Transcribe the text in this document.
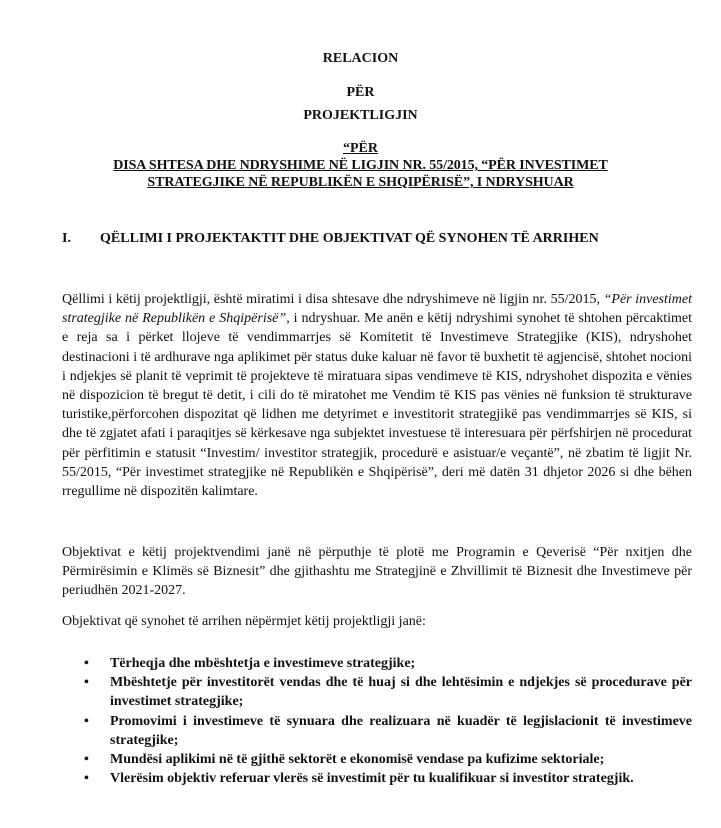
RELACION
PËR
PROJEKTLIGJIN
“PËR
DISA SHTESA DHE NDRYSHIME NË LIGJIN NR. 55/2015, “PËR INVESTIMET
STRATEGJIKE NË REPUBLIKËN E SHQIPËRISË”, I NDRYSHUAR
I. QËLLIMI I PROJEKTAKTIT DHE OBJEKTIVAT QË SYNOHEN TË ARRIHEN

Qëllimi i këtij projektligji, është miratimi i disa shtesave dhe ndryshimeve në ligjin nr. 55/2015, “Për investimet strategjike në Republikën e Shqipërisë”, i ndryshuar. Me anën e këtij ndryshimi synohet të shtohen përcaktimet e reja sa i përket llojeve të vendimmarrjes së Komitetit të Investimeve Strategjike (KIS), ndryshohet destinacioni i të ardhurave nga aplikimet për status duke kaluar në favor të buxhetit të agjencisë, shtohet nocioni i ndjekjes së planit të veprimit të projekteve të miratuara sipas vendimeve të KIS, ndryshohet dispozita e vënies në dispozicion të bregut të detit, i cili do të miratohet me Vendim të KIS pas vënies në funksion të strukturave turistike,përforcohen dispozitat që lidhen me detyrimet e investitorit strategjikë pas vendimmarrjes së KIS, si dhe të zgjatet afati i paraqitjes së kërkesave nga subjektet investuese të interesuara për përfshirjen në procedurat për përfitimin e statusit “Investim/ investitor strategjik, procedurë e asistuar/e veçantë”, në zbatim të ligjit Nr. 55/2015, “Për investimet strategjike në Republikën e Shqipërisë”, deri më datën 31 dhjetor 2026 si dhe bëhen rregullime në dispozitën kalimtare.

Objektivat e këtij projektvendimi janë në përputhje të plotë me Programin e Qeverisë “Për nxitjen dhe Përmirësimin e Klimës së Biznesit” dhe gjithashtu me Strategjinë e Zhvillimit të Biznesit dhe Investimeve për periudhën 2021-2027.

Objektivat që synohet të arrihen nëpërmjet këtij projektligji janë:

• Tërheqja dhe mbështetja e investimeve strategjike;
• Mbështetje për investitorët vendas dhe të huaj si dhe lehtësimin e ndjekjes së procedurave për investimet strategjike;
• Promovimi i investimeve të synuara dhe realizuara në kuadër të legjislacionit të investimeve strategjike;
• Mundësi aplikimi në të gjithë sektorët e ekonomisë vendase pa kufizime sektoriale;
• Vlerësim objektiv referuar vlerës së investimit për tu kualifikuar si investitor strategjik.
